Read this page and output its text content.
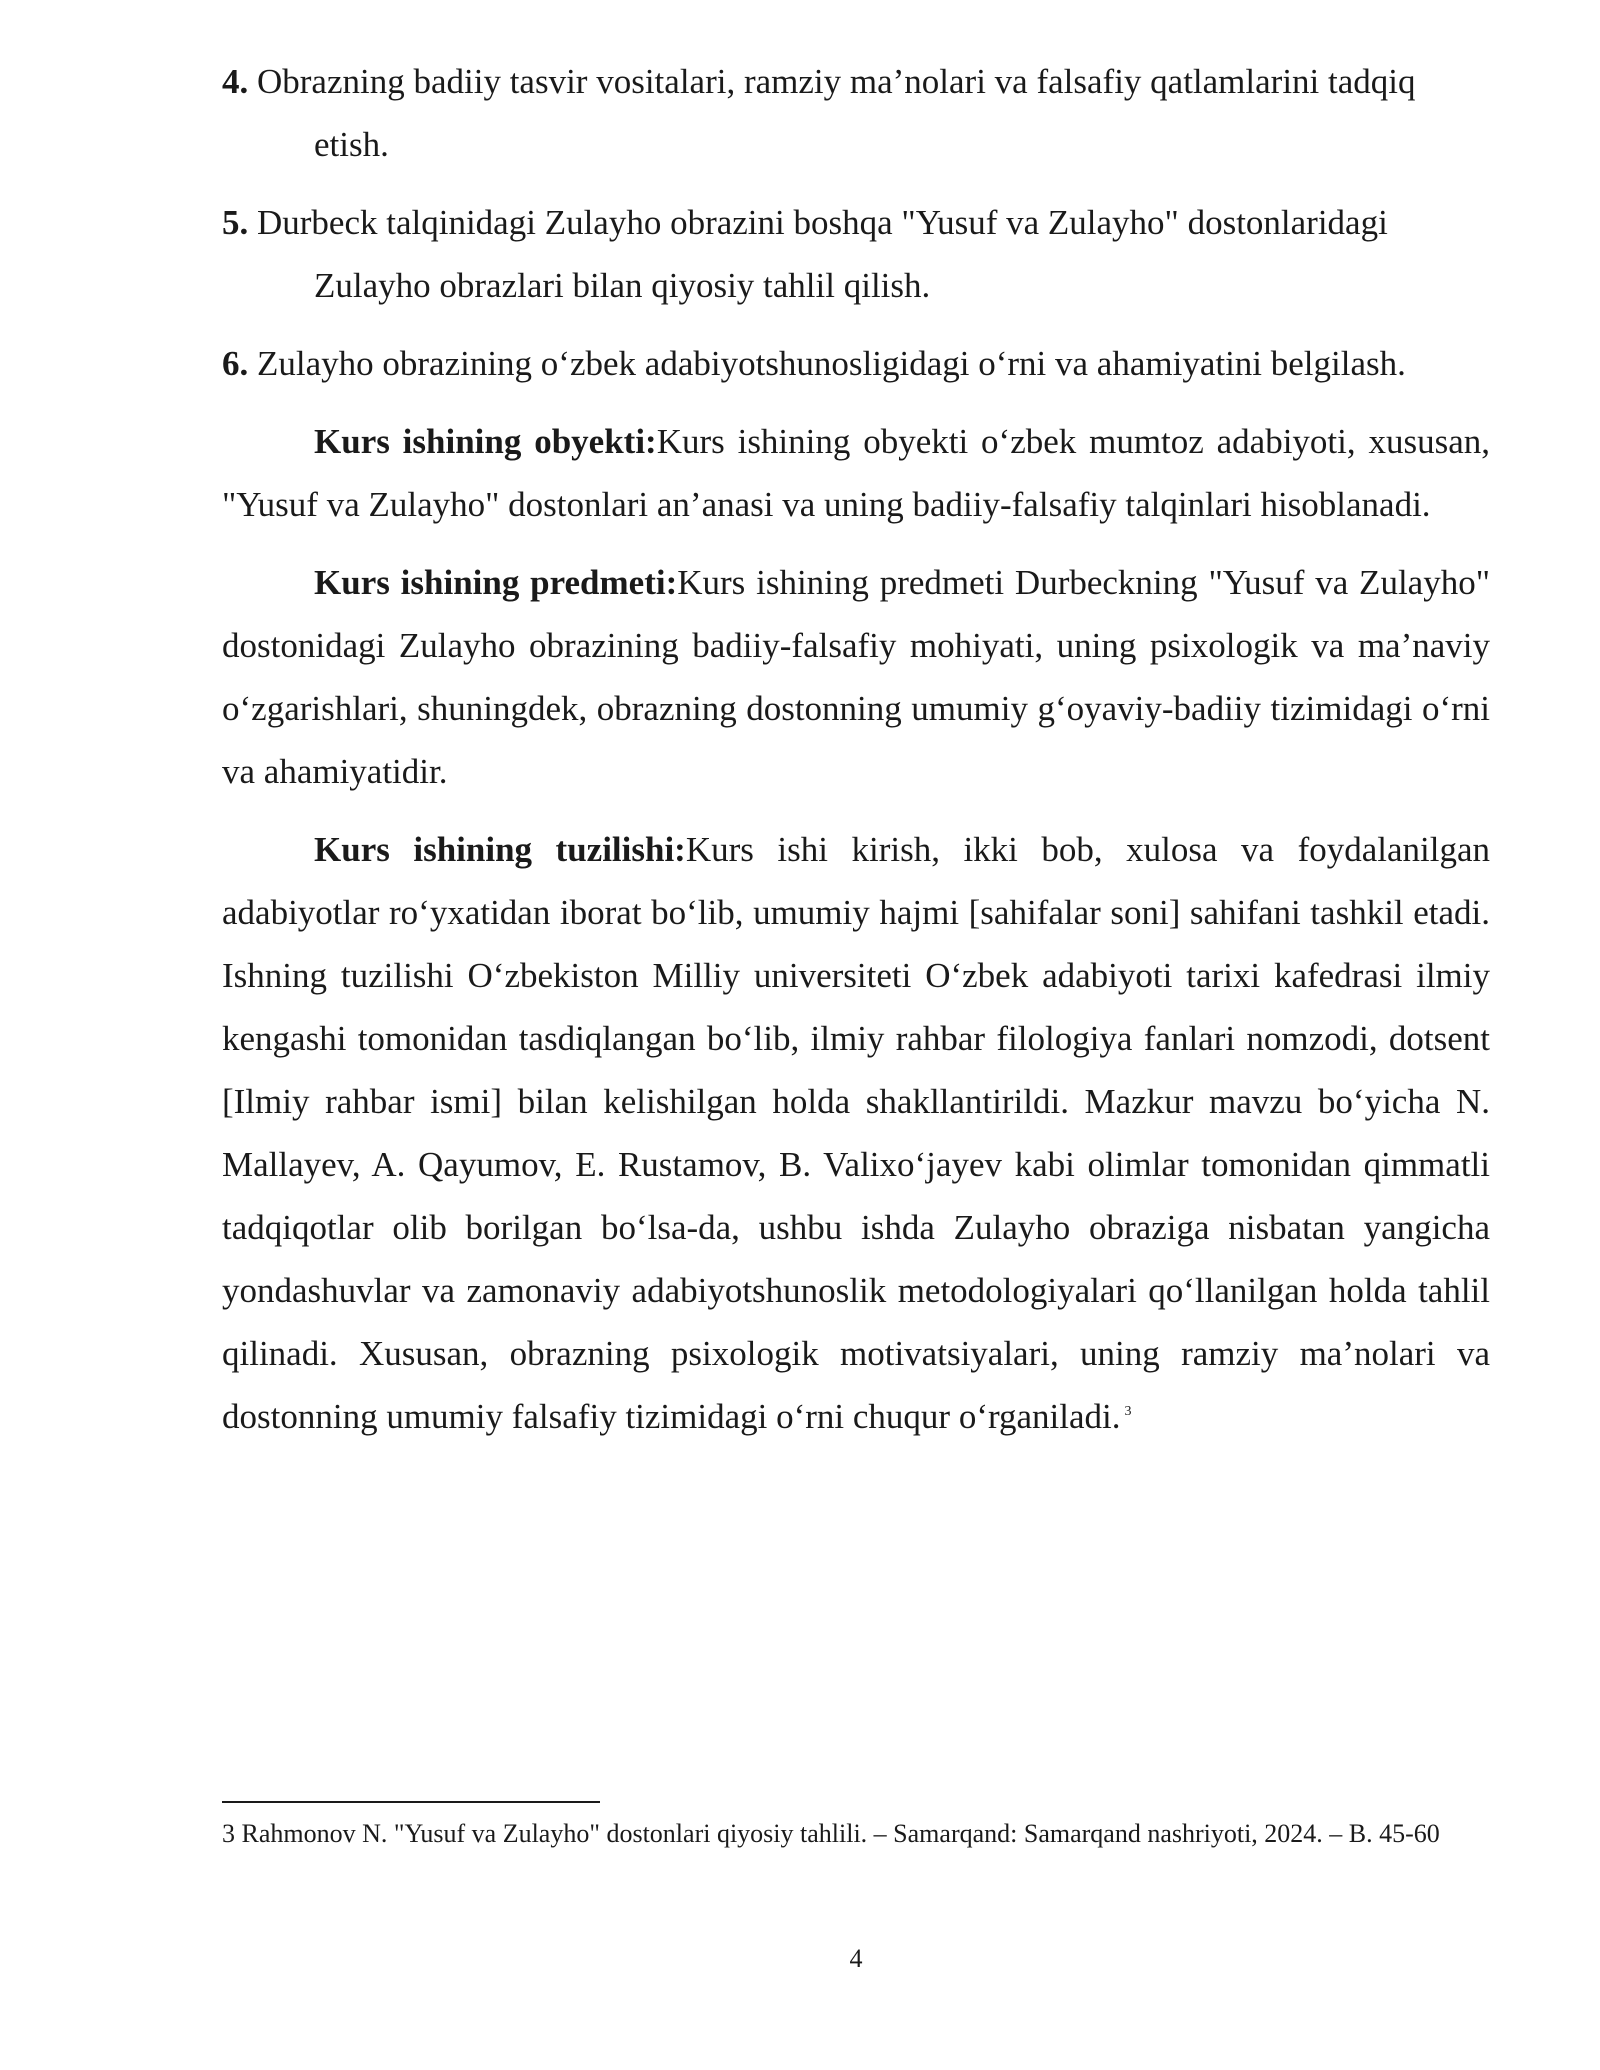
4. Obrazning badiiy tasvir vositalari, ramziy ma’nolari va falsafiy qatlamlarini tadqiq etish.
5. Durbeck talqinidagi Zulayho obrazini boshqa "Yusuf va Zulayho" dostonlaridagi Zulayho obrazlari bilan qiyosiy tahlil qilish.
6. Zulayho obrazining o‘zbek adabiyotshunosligidagi o‘rni va ahamiyatini belgilash.

Kurs ishining obyekti:Kurs ishining obyekti o‘zbek mumtoz adabiyoti, xususan, "Yusuf va Zulayho" dostonlari an’anasi va uning badiiy-falsafiy talqinlari hisoblanadi.

Kurs ishining predmeti:Kurs ishining predmeti Durbeckning "Yusuf va Zulayho" dostonidagi Zulayho obrazining badiiy-falsafiy mohiyati, uning psixologik va ma’naviy o‘zgarishlari, shuningdek, obrazning dostonning umumiy g‘oyaviy-badiiy tizimidagi o‘rni va ahamiyatidir.

Kurs ishining tuzilishi:Kurs ishi kirish, ikki bob, xulosa va foydalanilgan adabiyotlar ro‘yxatidan iborat bo‘lib, umumiy hajmi [sahifalar soni] sahifani tashkil etadi. Ishning tuzilishi O‘zbekiston Milliy universiteti O‘zbek adabiyoti tarixi kafedrasi ilmiy kengashi tomonidan tasdiqlangan bo‘lib, ilmiy rahbar filologiya fanlari nomzodi, dotsent [Ilmiy rahbar ismi] bilan kelishilgan holda shakllantirildi. Mazkur mavzu bo‘yicha N. Mallayev, A. Qayumov, E. Rustamov, B. Valixo‘jayev kabi olimlar tomonidan qimmatli tadqiqotlar olib borilgan bo‘lsa-da, ushbu ishda Zulayho obraziga nisbatan yangicha yondashuvlar va zamonaviy adabiyotshunoslik metodologiyalari qo‘llanilgan holda tahlil qilinadi. Xususan, obrazning psixologik motivatsiyalari, uning ramziy ma’nolari va dostonning umumiy falsafiy tizimidagi o‘rni chuqur o‘rganiladi. $^3$

3 Rahmonov N. "Yusuf va Zulayho" dostonlari qiyosiy tahlili. – Samarqand: Samarqand nashriyoti, 2024. – B. 45-60
4
